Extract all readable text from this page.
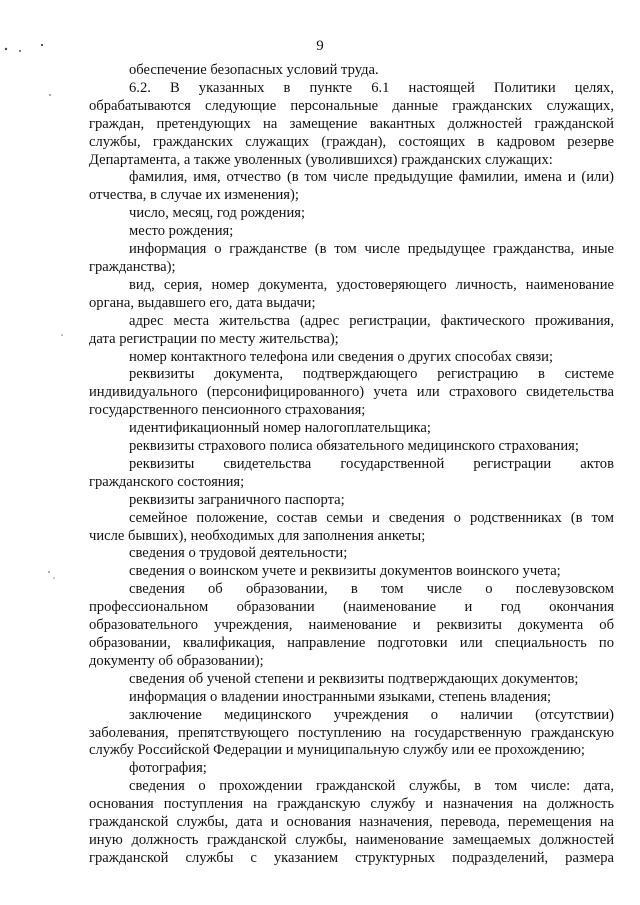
9

обеспечение безопасных условий труда.

6.2. В указанных в пункте 6.1 настоящей Политики целях,

обрабатываются следующие персональные данные гражданских служащих,

граждан, претендующих на замещение вакантных должностей гражданской

службы, гражданских служащих (граждан), состоящих в кадровом резерве

Департамента, а также уволенных (уволившихся) гражданских служащих:

фамилия, имя, отчество (в том числе предыдущие фамилии, имена и (или)

отчества, в случае их изменения);

число, месяц, год рождения;

место рождения;

информация о гражданстве (в том числе предыдущее гражданства, иные

гражданства);

вид, серия, номер документа, удостоверяющего личность, наименование

органа, выдавшего его, дата выдачи;

адрес места жительства (адрес регистрации, фактического проживания,

дата регистрации по месту жительства);

номер контактного телефона или сведения о других способах связи;

реквизиты документа, подтверждающего регистрацию в системе

индивидуального (персонифицированного) учета или страхового свидетельства

государственного пенсионного страхования;

идентификационный номер налогоплательщика;

реквизиты страхового полиса обязательного медицинского страхования;

реквизиты свидетельства государственной регистрации актов

гражданского состояния;

реквизиты заграничного паспорта;

семейное положение, состав семьи и сведения о родственниках (в том

числе бывших), необходимых для заполнения анкеты;

сведения о трудовой деятельности;

сведения о воинском учете и реквизиты документов воинского учета;

сведения об образовании, в том числе о послевузовском

профессиональном образовании (наименование и год окончания

образовательного учреждения, наименование и реквизиты документа об

образовании, квалификация, направление подготовки или специальность по

документу об образовании);

сведения об ученой степени и реквизиты подтверждающих документов;

информация о владении иностранными языками, степень владения;

заключение медицинского учреждения о наличии (отсутствии)

заболевания, препятствующего поступлению на государственную гражданскую

службу Российской Федерации и муниципальную службу или ее прохождению;

фотография;

сведения о прохождении гражданской службы, в том числе: дата,

основания поступления на гражданскую службу и назначения на должность

гражданской службы, дата и основания назначения, перевода, перемещения на

иную должность гражданской службы, наименование замещаемых должностей

гражданской службы с указанием структурных подразделений, размера
